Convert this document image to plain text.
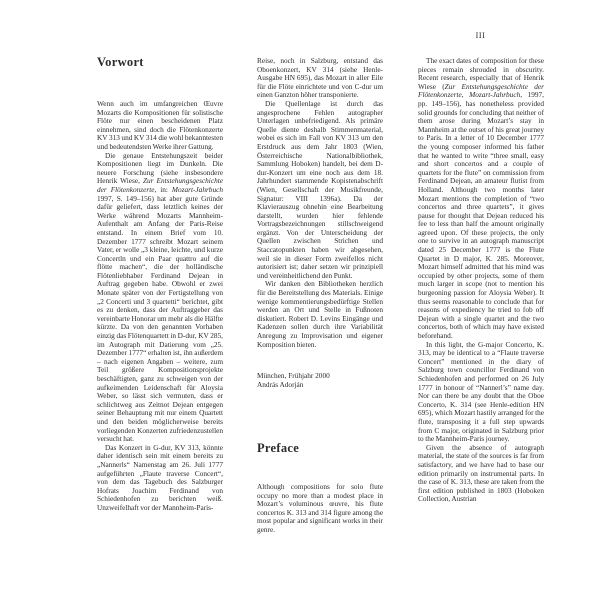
III
Vorwort

Wenn auch im umfangreichen Œuvre Mozarts die Kompositionen für solistische Flöte nur einen bescheidenen Platz einnehmen, sind doch die Flötenkonzerte KV 313 und KV 314 die wohl bekanntesten und bedeutendsten Werke ihrer Gattung.

Die genaue Entstehungszeit beider Kompositionen liegt im Dunkeln. Die neuere Forschung (siehe insbesondere Henrik Wiese, Zur Entstehungsgeschichte der Flötenkonzerte, in: Mozart-Jahrbuch 1997, S. 149–156) hat aber gute Gründe dafür geliefert, dass letztlich keines der Werke während Mozarts Mannheim-Aufenthalt am Anfang der Paris-Reise entstand. In einem Brief vom 10. Dezember 1777 schreibt Mozart seinem Vater, er wolle „3 kleine, leichte, und kurze Concertln und ein Paar quattro auf die flötte machen“, die der holländische Flötenliebhaber Ferdinand Dejean in Auftrag gegeben habe. Obwohl er zwei Monate später von der Fertigstellung von „2 Concerti und 3 quartetti“ berichtet, gibt es zu denken, dass der Auftraggeber das vereinbarte Honorar um mehr als die Hälfte kürzte. Da von den genannten Vorhaben einzig das Flötenquartett in D-dur, KV 285, im Autograph mit Datierung vom „25. Dezember 1777“ erhalten ist, ihn außerdem – nach eigenen Angaben – weitere, zum Teil größere Kompositionsprojekte beschäftigten, ganz zu schweigen von der aufkeimenden Leidenschaft für Aloysia Weber, so lässt sich vermuten, dass er schlichtweg aus Zeitnot Dejean entgegen seiner Behauptung mit nur einem Quartett und den beiden möglicherweise bereits vorliegenden Konzerten zufriedenzustellen versucht hat.

Das Konzert in G-dur, KV 313, könnte daher identisch sein mit einem bereits zu „Nannerls“ Namenstag am 26. Juli 1777 aufgeführten „Flaute traverse Concert“, von dem das Tagebuch des Salzburger Hofrats Joachim Ferdinand von Schiedenhofen zu berichten weiß. Unzweifelhaft vor der Mannheim-Paris-

Reise, noch in Salzburg, entstand das Oboenkonzert, KV 314 (siehe Henle-Ausgabe HN 695), das Mozart in aller Eile für die Flöte einrichtete und von C-dur um einen Ganzton höher transponierte.

Die Quellenlage ist durch das angesprochene Fehlen autographer Unterlagen unbefriedigend. Als primäre Quelle diente deshalb Stimmenmaterial, wobei es sich im Fall von KV 313 um den Erstdruck aus dem Jahr 1803 (Wien, Österreichische Nationalbibliothek, Sammlung Hoboken) handelt, bei dem D-dur-Konzert um eine noch aus dem 18. Jahrhundert stammende Kopistenabschrift (Wien, Gesellschaft der Musikfreunde, Signatur: VIII 1396a). Da der Klavierauszug ohnehin eine Bearbeitung darstellt, wurden hier fehlende Vortragsbezeichnungen stillschweigend ergänzt. Von der Unterscheidung der Quellen zwischen Strichen und Staccatopunkten haben wir abgesehen, weil sie in dieser Form zweifellos nicht autorisiert ist; daher setzen wir prinzipiell und vereinheitlichend den Punkt.

Wir danken den Bibliotheken herzlich für die Bereitstellung des Materials. Einige wenige kommentierungsbedürftige Stellen werden an Ort und Stelle in Fußnoten diskutiert. Robert D. Levins Eingänge und Kadenzen sollen durch ihre Variabilität Anregung zu Improvisation und eigener Komposition bieten.

München, Frühjahr 2000
András Adorján
Preface

Although compositions for solo flute occupy no more than a modest place in Mozart’s voluminous œuvre, his flute concertos K. 313 and 314 figure among the most popular and significant works in their genre.

The exact dates of composition for these pieces remain shrouded in obscurity. Recent research, especially that of Henrik Wiese (Zur Entstehungsgeschichte der Flötenkonzerte, Mozart-Jahrbuch, 1997, pp. 149–156), has nonetheless provided solid grounds for concluding that neither of them arose during Mozart’s stay in Mannheim at the outset of his great journey to Paris. In a letter of 10 December 1777 the young composer informed his father that he wanted to write “three small, easy and short concertos and a couple of quartets for the flute” on commission from Ferdinand Dejean, an amateur flutist from Holland. Although two months later Mozart mentions the completion of “two concertos and three quartets”, it gives pause for thought that Dejean reduced his fee to less than half the amount originally agreed upon. Of these projects, the only one to survive in an autograph manuscript dated 25 December 1777 is the Flute Quartet in D major, K. 285. Moreover, Mozart himself admitted that his mind was occupied by other projects, some of them much larger in scope (not to mention his burgeoning passion for Aloysia Weber). It thus seems reasonable to conclude that for reasons of expediency he tried to fob off Dejean with a single quartet and the two concertos, both of which may have existed beforehand.

In this light, the G-major Concerto, K. 313, may be identical to a “Flaute traverse Concert” mentioned in the diary of Salzburg town councillor Ferdinand von Schiedenhofen and performed on 26 July 1777 in honour of “Nannerl’s” name day. Nor can there be any doubt that the Oboe Concerto, K. 314 (see Henle-edition HN 695), which Mozart hastily arranged for the flute, transposing it a full step upwards from C major, originated in Salzburg prior to the Mannheim-Paris journey.

Given the absence of autograph material, the state of the sources is far from satisfactory, and we have had to base our edition primarily on instrumental parts. In the case of K. 313, these are taken from the first edition published in 1803 (Hoboken Collection, Austrian
